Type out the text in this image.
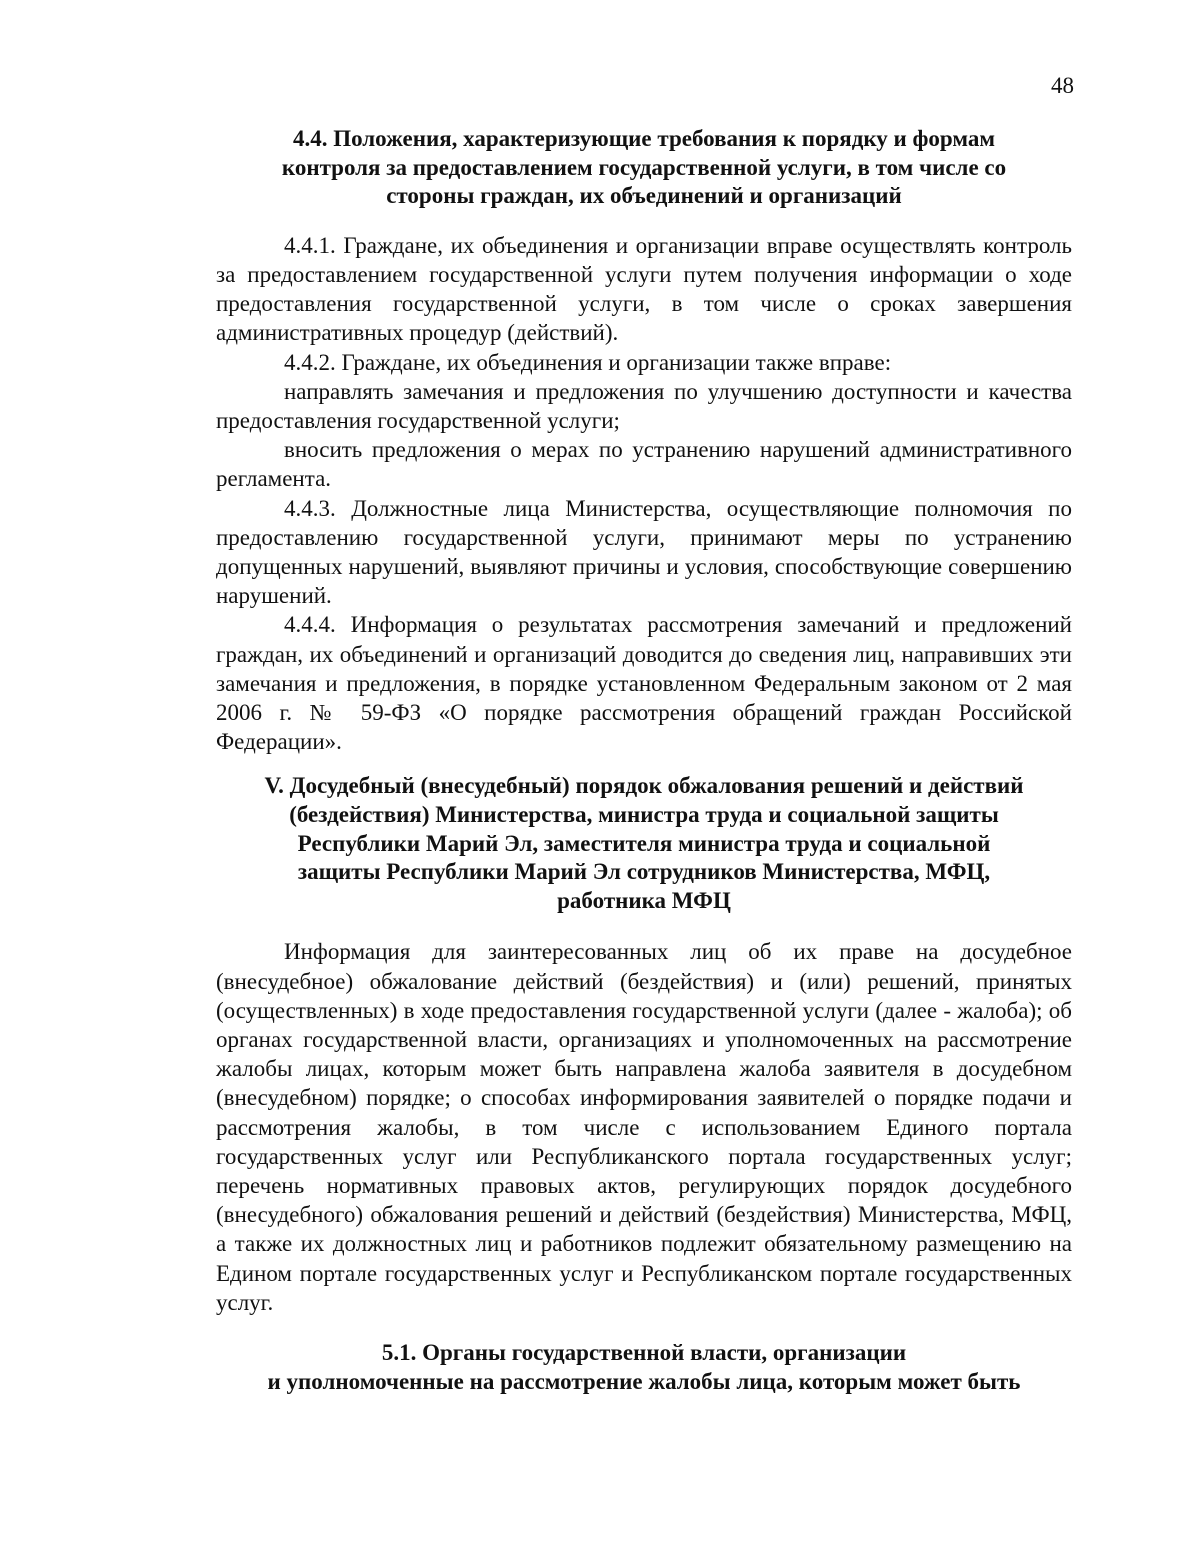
48
4.4. Положения, характеризующие требования к порядку и формам
контроля за предоставлением государственной услуги, в том числе со
стороны граждан, их объединений и организаций

4.4.1. Граждане, их объединения и организации вправе осуществлять контроль за предоставлением государственной услуги путем получения информации о ходе предоставления государственной услуги, в том числе о сроках завершения административных процедур (действий).

4.4.2. Граждане, их объединения и организации также вправе:

направлять замечания и предложения по улучшению доступности и качества предоставления государственной услуги;

вносить предложения о мерах по устранению нарушений административного регламента.

4.4.3. Должностные лица Министерства, осуществляющие полномочия по предоставлению государственной услуги, принимают меры по устранению допущенных нарушений, выявляют причины и условия, способствующие совершению нарушений.

4.4.4. Информация о результатах рассмотрения замечаний и предложений граждан, их объединений и организаций доводится до сведения лиц, направивших эти замечания и предложения, в порядке установленном Федеральным законом от 2 мая 2006 г. № 59-ФЗ «О порядке рассмотрения обращений граждан Российской Федерации».

V. Досудебный (внесудебный) порядок обжалования решений и действий
(бездействия) Министерства, министра труда и социальной защиты
Республики Марий Эл, заместителя министра труда и социальной
защиты Республики Марий Эл сотрудников Министерства, МФЦ,
работника МФЦ

Информация для заинтересованных лиц об их праве на досудебное (внесудебное) обжалование действий (бездействия) и (или) решений, принятых (осуществленных) в ходе предоставления государственной услуги (далее - жалоба); об органах государственной власти, организациях и уполномоченных на рассмотрение жалобы лицах, которым может быть направлена жалоба заявителя в досудебном (внесудебном) порядке; о способах информирования заявителей о порядке подачи и рассмотрения жалобы, в том числе с использованием Единого портала государственных услуг или Республиканского портала государственных услуг; перечень нормативных правовых актов, регулирующих порядок досудебного (внесудебного) обжалования решений и действий (бездействия) Министерства, МФЦ, а также их должностных лиц и работников подлежит обязательному размещению на Едином портале государственных услуг и Республиканском портале государственных услуг.

5.1. Органы государственной власти, организации
и уполномоченные на рассмотрение жалобы лица, которым может быть
